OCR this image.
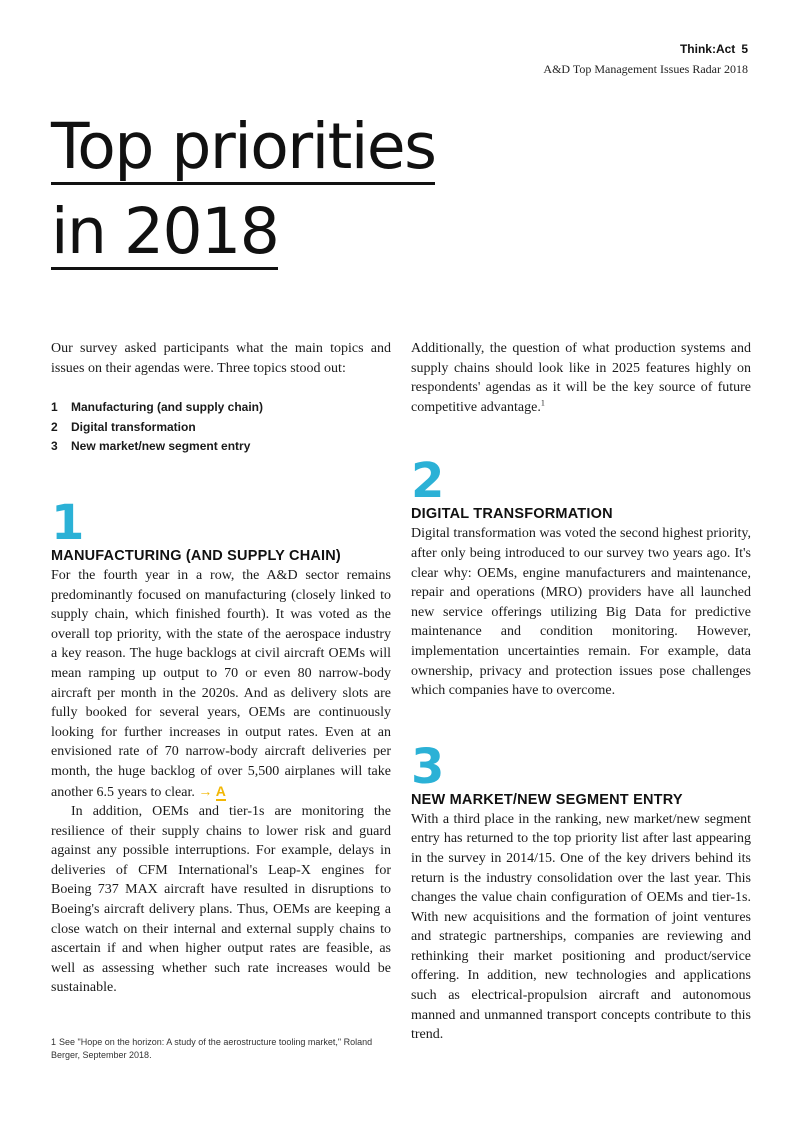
Think:Act 5
A&D Top Management Issues Radar 2018
Top priorities
in 2018

Our survey asked participants what the main topics and issues on their agendas were. Three topics stood out:

1 Manufacturing (and supply chain)
2 Digital transformation
3 New market/new segment entry
1
MANUFACTURING (AND SUPPLY CHAIN)

For the fourth year in a row, the A&D sector remains predominantly focused on manufacturing (closely linked to supply chain, which finished fourth). It was voted as the overall top priority, with the state of the aerospace industry a key reason. The huge backlogs at civil aircraft OEMs will mean ramping up output to 70 or even 80 narrow-body aircraft per month in the 2020s. And as delivery slots are fully booked for several years, OEMs are continuously looking for further increases in output rates. Even at an envisioned rate of 70 narrow-body aircraft deliveries per month, the huge backlog of over 5,500 airplanes will take another 6.5 years to clear. → A

In addition, OEMs and tier-1s are monitoring the resilience of their supply chains to lower risk and guard against any possible interruptions. For example, delays in deliveries of CFM International's Leap-X engines for Boeing 737 MAX aircraft have resulted in disruptions to Boeing's aircraft delivery plans. Thus, OEMs are keeping a close watch on their internal and external supply chains to ascertain if and when higher output rates are feasible, as well as assessing whether such rate increases would be sustainable.

Additionally, the question of what production systems and supply chains should look like in 2025 features highly on respondents' agendas as it will be the key source of future competitive advantage.$^1$

2
DIGITAL TRANSFORMATION

Digital transformation was voted the second highest priority, after only being introduced to our survey two years ago. It's clear why: OEMs, engine manufacturers and maintenance, repair and operations (MRO) providers have all launched new service offerings utilizing Big Data for predictive maintenance and condition monitoring. However, implementation uncertainties remain. For example, data ownership, privacy and protection issues pose challenges which companies have to overcome.

3
NEW MARKET/NEW SEGMENT ENTRY

With a third place in the ranking, new market/new segment entry has returned to the top priority list after last appearing in the survey in 2014/15. One of the key drivers behind its return is the industry consolidation over the last year. This changes the value chain configuration of OEMs and tier-1s. With new acquisitions and the formation of joint ventures and strategic partnerships, companies are reviewing and rethinking their market positioning and product/service offering. In addition, new technologies and applications such as electrical-propulsion aircraft and autonomous manned and unmanned transport concepts contribute to this trend.

1 See "Hope on the horizon: A study of the aerostructure tooling market," Roland Berger, September 2018.
